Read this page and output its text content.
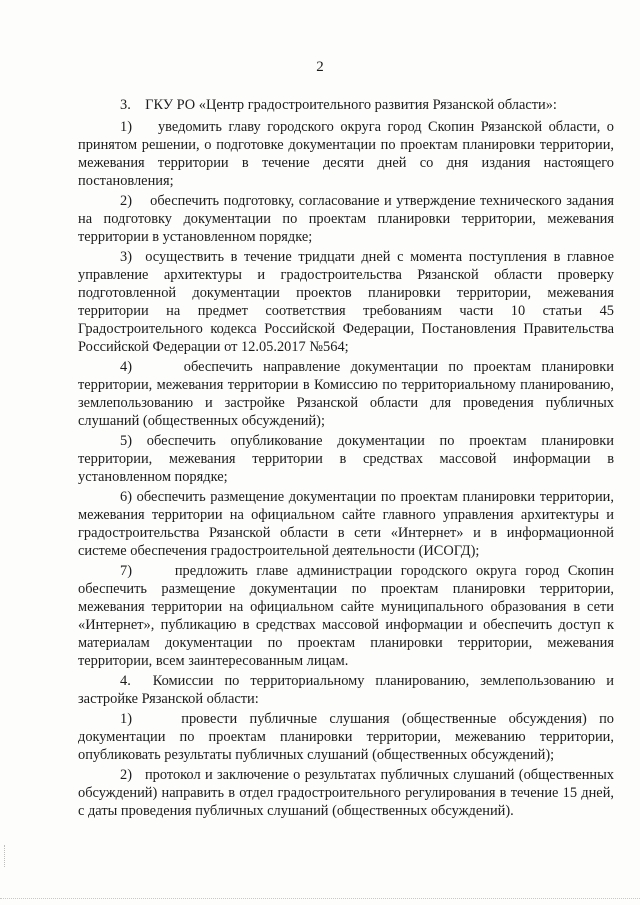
2

3.    ГКУ РО «Центр градостроительного развития Рязанской области»:

1)    уведомить главу городского округа город Скопин Рязанской области, о принятом решении, о подготовке документации по проектам планировки территории, межевания территории в течение десяти дней со дня издания настоящего постановления;

2)    обеспечить подготовку, согласование и утверждение технического задания на подготовку документации по проектам планировки территории, межевания территории в установленном порядке;

3)  осуществить в течение тридцати дней с момента поступления в главное управление архитектуры и градостроительства Рязанской области проверку подготовленной документации проектов планировки территории, межевания территории на предмет соответствия требованиям части 10 статьи 45 Градостроительного кодекса Российской Федерации, Постановления Правительства Российской Федерации от 12.05.2017 №564;

4)     обеспечить направление документации по проектам планировки территории, межевания территории в Комиссию по территориальному планированию, землепользованию и застройке Рязанской области для проведения публичных слушаний (общественных обсуждений);

5) обеспечить опубликование документации по проектам планировки территории, межевания территории в средствах массовой информации в установленном порядке;

6) обеспечить размещение документации по проектам планировки территории, межевания территории на официальном сайте главного управления архитектуры и градостроительства Рязанской области в сети «Интернет» и в информационной системе обеспечения градостроительной деятельности (ИСОГД);

7)     предложить главе администрации городского округа город Скопин обеспечить размещение документации по проектам планировки территории, межевания территории на официальном сайте муниципального образования в сети «Интернет», публикацию в средствах массовой информации и обеспечить доступ к материалам документации по проектам планировки территории, межевания территории, всем заинтересованным лицам.

4.  Комиссии по территориальному планированию, землепользованию и застройке Рязанской области:

1)    провести публичные слушания (общественные обсуждения) по документации по проектам планировки территории, межеванию территории, опубликовать результаты публичных слушаний (общественных обсуждений);

2)   протокол и заключение о результатах публичных слушаний (общественных обсуждений) направить в отдел градостроительного регулирования в течение 15 дней, с даты проведения публичных слушаний (общественных обсуждений).
